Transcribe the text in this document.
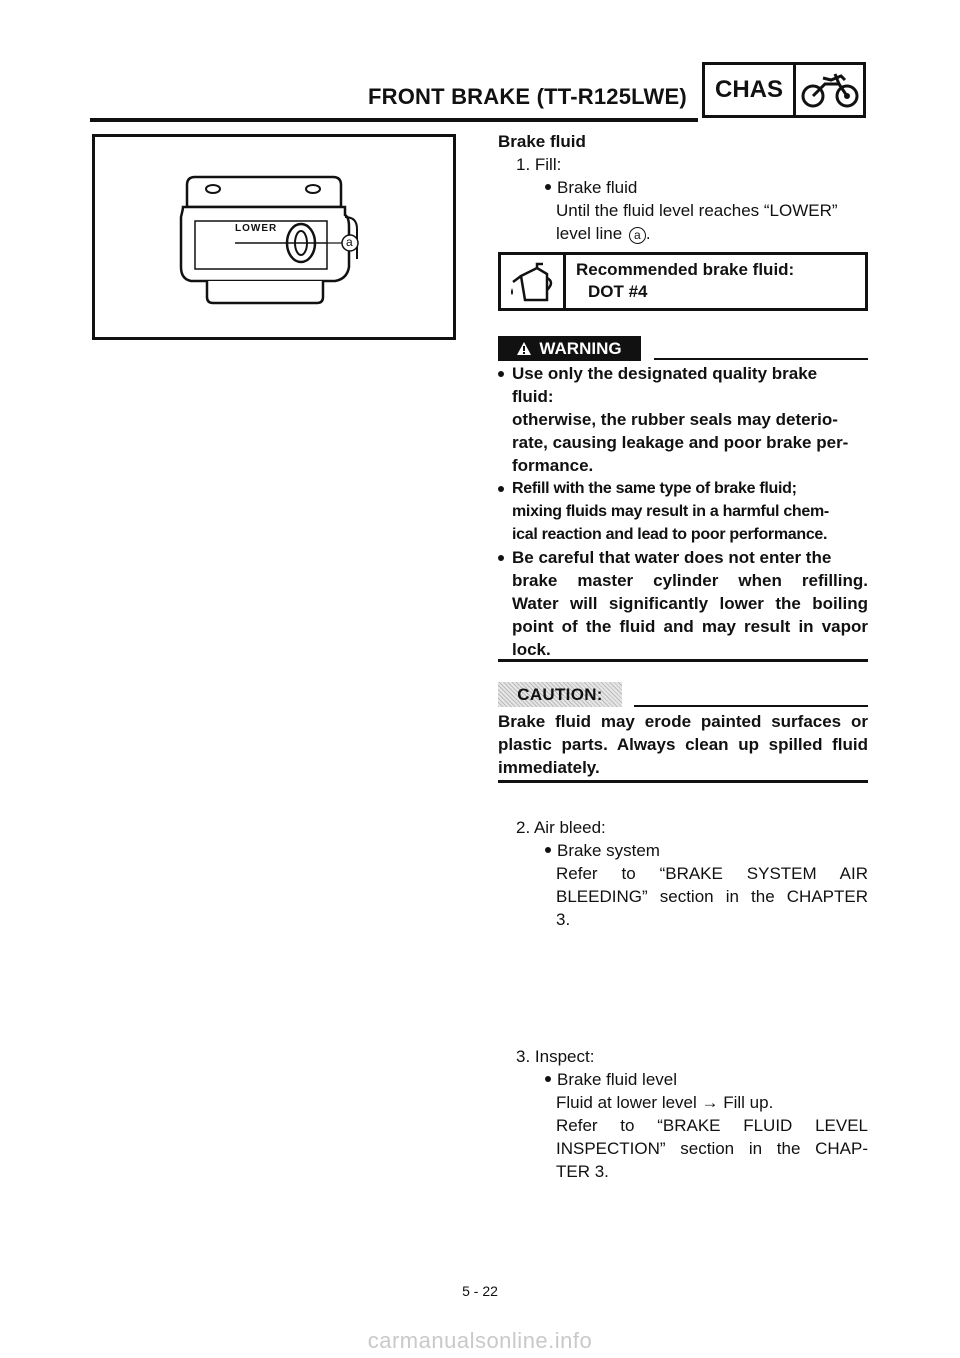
FRONT BRAKE (TT-R125LWE)	CHAS
LOWER
a
Brake fluid
1. Fill:
Brake fluid
Until the fluid level reaches “LOWER”
level line a .
Recommended brake fluid:
DOT #4
WARNING
Use only the designated quality brake
fluid:
otherwise, the rubber seals may deterio-
rate, causing leakage and poor brake per-
formance.
Refill with the same type of brake fluid;
mixing fluids may result in a harmful chem-
ical reaction and lead to poor performance.
Be careful that water does not enter the
brake master cylinder when refilling.
Water will significantly lower the boiling
point of the fluid and may result in vapor
lock.
CAUTION:
Brake fluid may erode painted surfaces or
plastic parts. Always clean up spilled fluid
immediately.
2. Air bleed:
Brake system
Refer to “BRAKE SYSTEM AIR
BLEEDING” section in the CHAPTER
3.
3. Inspect:
Brake fluid level
Fluid at lower level → Fill up.
Refer to “BRAKE FLUID LEVEL
INSPECTION” section in the CHAP-
TER 3.
5 - 22
carmanualsonline.info
